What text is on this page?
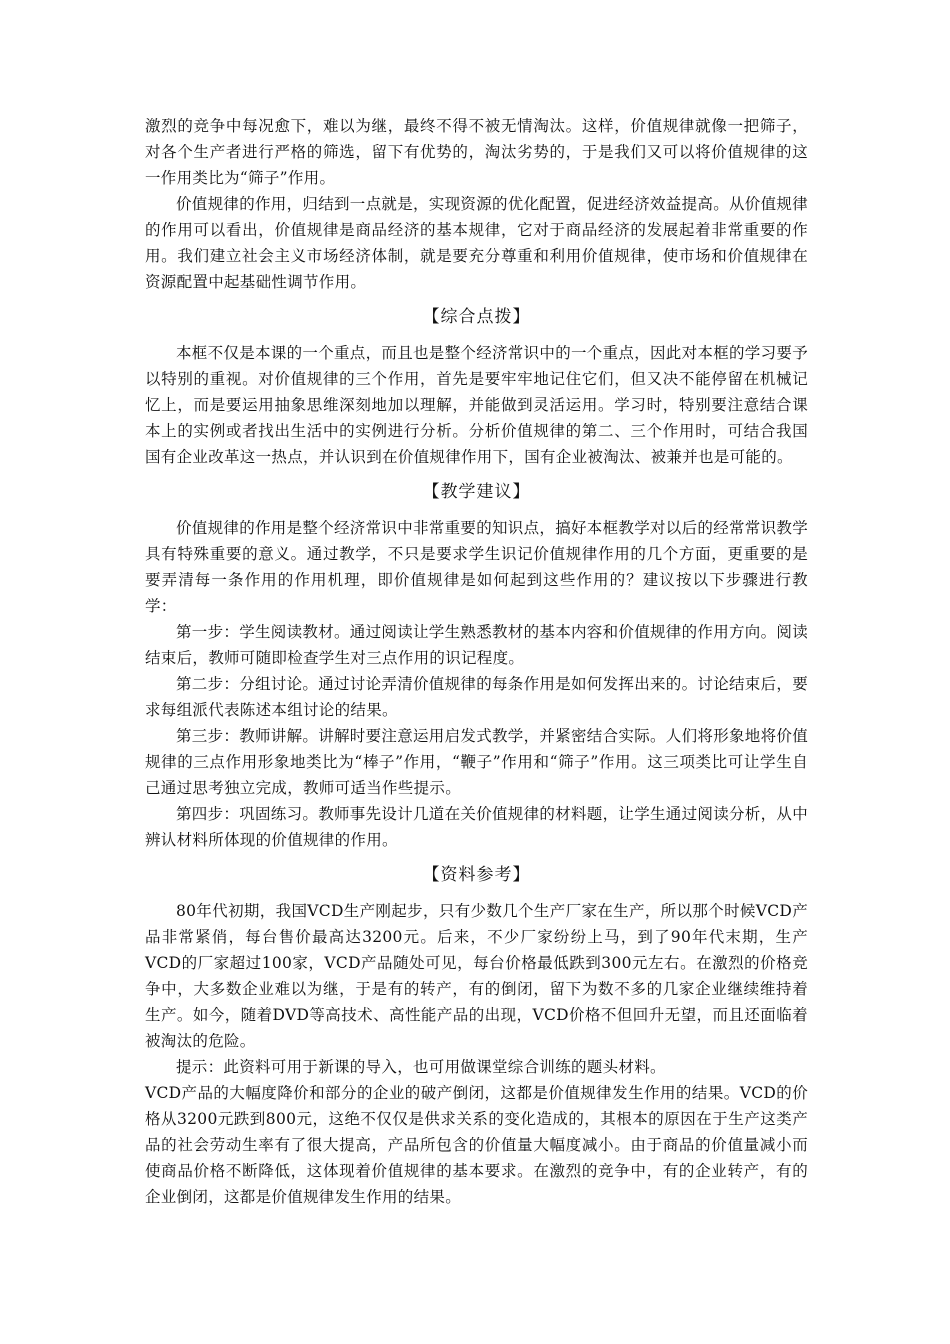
激烈的竞争中每况愈下，难以为继，最终不得不被无情淘汰。这样，价值规律就像一把筛子，对各个生产者进行严格的筛选，留下有优势的，淘汰劣势的，于是我们又可以将价值规律的这一作用类比为“筛子”作用。

价值规律的作用，归结到一点就是，实现资源的优化配置，促进经济效益提高。从价值规律的作用可以看出，价值规律是商品经济的基本规律，它对于商品经济的发展起着非常重要的作用。我们建立社会主义市场经济体制，就是要充分尊重和利用价值规律，使市场和价值规律在资源配置中起基础性调节作用。

【综合点拨】

本框不仅是本课的一个重点，而且也是整个经济常识中的一个重点，因此对本框的学习要予以特别的重视。对价值规律的三个作用，首先是要牢牢地记住它们，但又决不能停留在机械记忆上，而是要运用抽象思维深刻地加以理解，并能做到灵活运用。学习时，特别要注意结合课本上的实例或者找出生活中的实例进行分析。分析价值规律的第二、三个作用时，可结合我国国有企业改革这一热点，并认识到在价值规律作用下，国有企业被淘汰、被兼并也是可能的。

【教学建议】

价值规律的作用是整个经济常识中非常重要的知识点，搞好本框教学对以后的经常常识教学具有特殊重要的意义。通过教学，不只是要求学生识记价值规律作用的几个方面，更重要的是要弄清每一条作用的作用机理，即价值规律是如何起到这些作用的？建议按以下步骤进行教学：

第一步：学生阅读教材。通过阅读让学生熟悉教材的基本内容和价值规律的作用方向。阅读结束后，教师可随即检查学生对三点作用的识记程度。

第二步：分组讨论。通过讨论弄清价值规律的每条作用是如何发挥出来的。讨论结束后，要求每组派代表陈述本组讨论的结果。

第三步：教师讲解。讲解时要注意运用启发式教学，并紧密结合实际。人们将形象地将价值规律的三点作用形象地类比为“棒子”作用，“鞭子”作用和“筛子”作用。这三项类比可让学生自己通过思考独立完成，教师可适当作些提示。

第四步：巩固练习。教师事先设计几道在关价值规律的材料题，让学生通过阅读分析，从中辨认材料所体现的价值规律的作用。

【资料参考】

80年代初期，我国VCD生产刚起步，只有少数几个生产厂家在生产，所以那个时候VCD产品非常紧俏，每台售价最高达3200元。后来，不少厂家纷纷上马，到了90年代末期，生产VCD的厂家超过100家，VCD产品随处可见，每台价格最低跌到300元左右。在激烈的价格竞争中，大多数企业难以为继，于是有的转产，有的倒闭，留下为数不多的几家企业继续维持着生产。如今，随着DVD等高技术、高性能产品的出现，VCD价格不但回升无望，而且还面临着被淘汰的危险。

提示：此资料可用于新课的导入，也可用做课堂综合训练的题头材料。

VCD产品的大幅度降价和部分的企业的破产倒闭，这都是价值规律发生作用的结果。VCD的价格从3200元跌到800元，这绝不仅仅是供求关系的变化造成的，其根本的原因在于生产这类产品的社会劳动生率有了很大提高，产品所包含的价值量大幅度减小。由于商品的价值量减小而使商品价格不断降低，这体现着价值规律的基本要求。在激烈的竞争中，有的企业转产，有的企业倒闭，这都是价值规律发生作用的结果。
